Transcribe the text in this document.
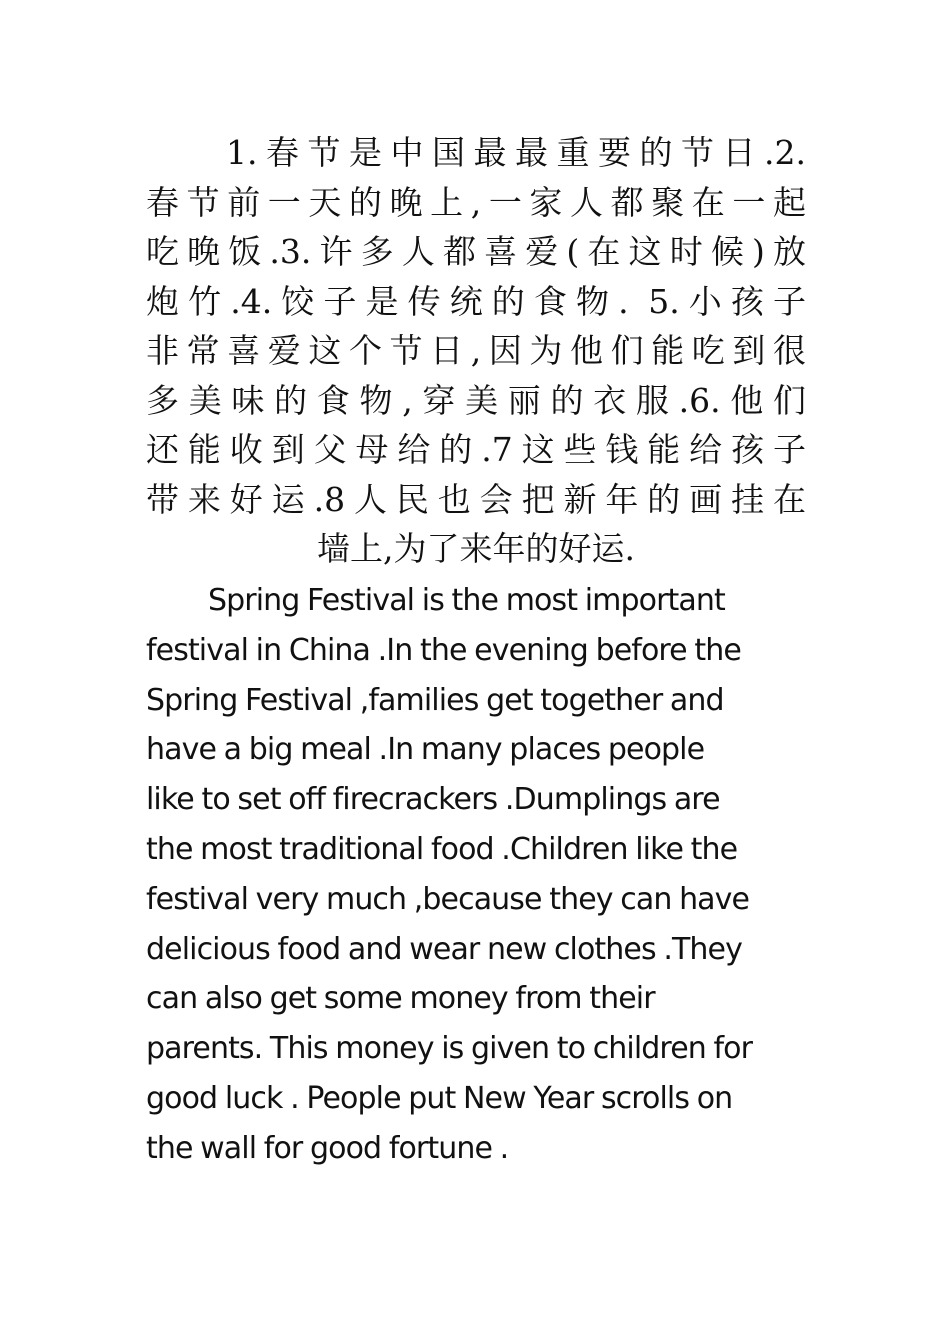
1.春节是中国最最重要的节日.2.
春节前一天的晚上,一家人都聚在一起
吃晚饭.3.许多人都喜爱(在这时候)放
炮竹.4.饺子是传统的食物. 5.小孩子
非常喜爱这个节日,因为他们能吃到很
多美味的食物,穿美丽的衣服.6.他们
还能收到父母给的.7这些钱能给孩子
带来好运.8人民也会把新年的画挂在
墙上,为了来年的好运.
Spring Festival is the most important
festival in China .In the evening before the
Spring Festival ,families get together and
have a big meal .In many places people
like to set off firecrackers .Dumplings are
the most traditional food .Children like the
festival very much ,because they can have
delicious food and wear new clothes .They
can also get some money from their
parents. This money is given to children for
good luck . People put New Year scrolls on
the wall for good fortune .
